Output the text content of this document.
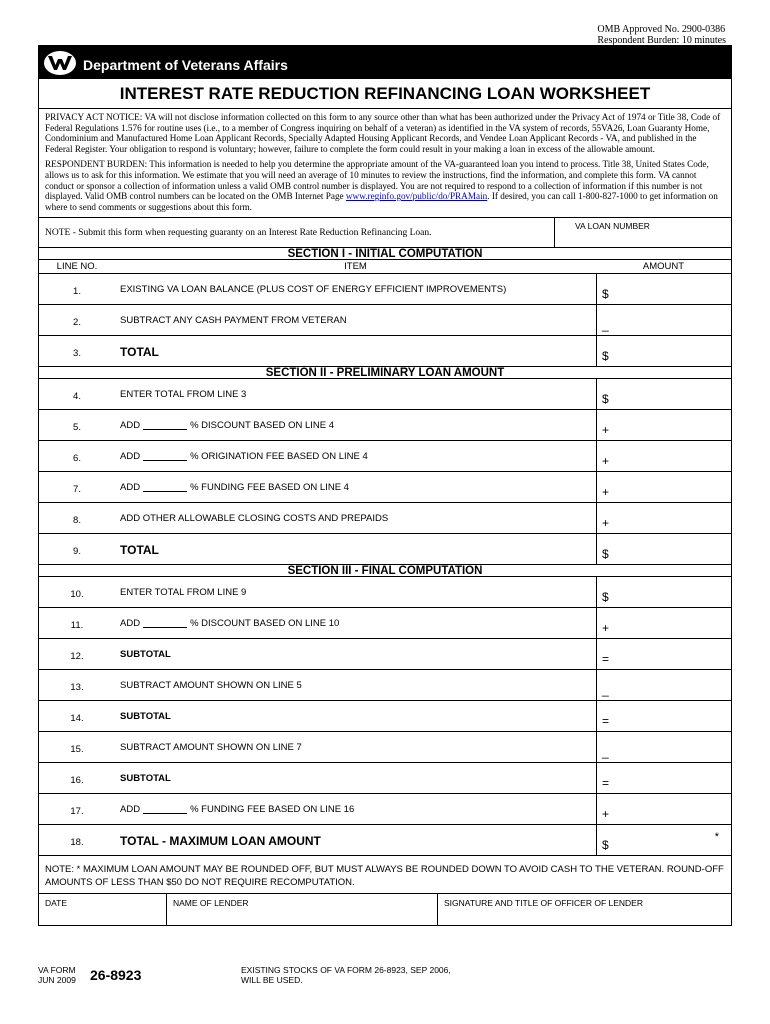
OMB Approved No. 2900-0386
Respondent Burden: 10 minutes
Department of Veterans Affairs
INTEREST RATE REDUCTION REFINANCING LOAN WORKSHEET

PRIVACY ACT NOTICE: VA will not disclose information collected on this form to any source other than what has been authorized under the Privacy Act of 1974 or Title 38, Code of Federal Regulations 1.576 for routine uses (i.e., to a member of Congress inquiring on behalf of a veteran) as identified in the VA system of records, 55VA26, Loan Guaranty Home, Condominium and Manufactured Home Loan Applicant Records, Specially Adapted Housing Applicant Records, and Vendee Loan Applicant Records - VA, and published in the Federal Register. Your obligation to respond is voluntary; however, failure to complete the form could result in your making a loan in excess of the allowable amount.

RESPONDENT BURDEN: This information is needed to help you determine the appropriate amount of the VA-guaranteed loan you intend to process. Title 38, United States Code, allows us to ask for this information. We estimate that you will need an average of 10 minutes to review the instructions, find the information, and complete this form. VA cannot conduct or sponsor a collection of information unless a valid OMB control number is displayed. You are not required to respond to a collection of information if this number is not displayed. Valid OMB control numbers can be located on the OMB Internet Page www.reginfo.gov/public/do/PRAMain. If desired, you can call 1-800-827-1000 to get information on where to send comments or suggestions about this form.

NOTE - Submit this form when requesting guaranty on an Interest Rate Reduction Refinancing Loan.
VA LOAN NUMBER
SECTION I - INITIAL COMPUTATION
LINE NO.	ITEM	AMOUNT
1.	EXISTING VA LOAN BALANCE (PLUS COST OF ENERGY EFFICIENT IMPROVEMENTS)	$
2.	SUBTRACT ANY CASH PAYMENT FROM VETERAN	_
3.	TOTAL	$
SECTION II - PRELIMINARY LOAN AMOUNT
4.	ENTER TOTAL FROM LINE 3	$
5.	ADD	% DISCOUNT BASED ON LINE 4	+
6.	ADD	% ORIGINATION FEE BASED ON LINE 4	+
7.	ADD	% FUNDING FEE BASED ON LINE 4	+
8.	ADD OTHER ALLOWABLE CLOSING COSTS AND PREPAIDS	+
9.	TOTAL	$
SECTION III - FINAL COMPUTATION
10.	ENTER TOTAL FROM LINE 9	$
11.	ADD	% DISCOUNT BASED ON LINE 10	+
12.	SUBTOTAL	=
13.	SUBTRACT AMOUNT SHOWN ON LINE 5	_
14.	SUBTOTAL	=
15.	SUBTRACT AMOUNT SHOWN ON LINE 7	_
16.	SUBTOTAL	=
17.	ADD	% FUNDING FEE BASED ON LINE 16	+
18.	TOTAL - MAXIMUM LOAN AMOUNT	$
*
NOTE: * MAXIMUM LOAN AMOUNT MAY BE ROUNDED OFF, BUT MUST ALWAYS BE ROUNDED DOWN TO AVOID CASH TO THE VETERAN. ROUND-OFF AMOUNTS OF LESS THAN $50 DO NOT REQUIRE RECOMPUTATION.
DATE	NAME OF LENDER	SIGNATURE AND TITLE OF OFFICER OF LENDER
VA FORM
JUN 2009 26-8923	EXISTING STOCKS OF VA FORM 26-8923, SEP 2006,
WILL BE USED.
